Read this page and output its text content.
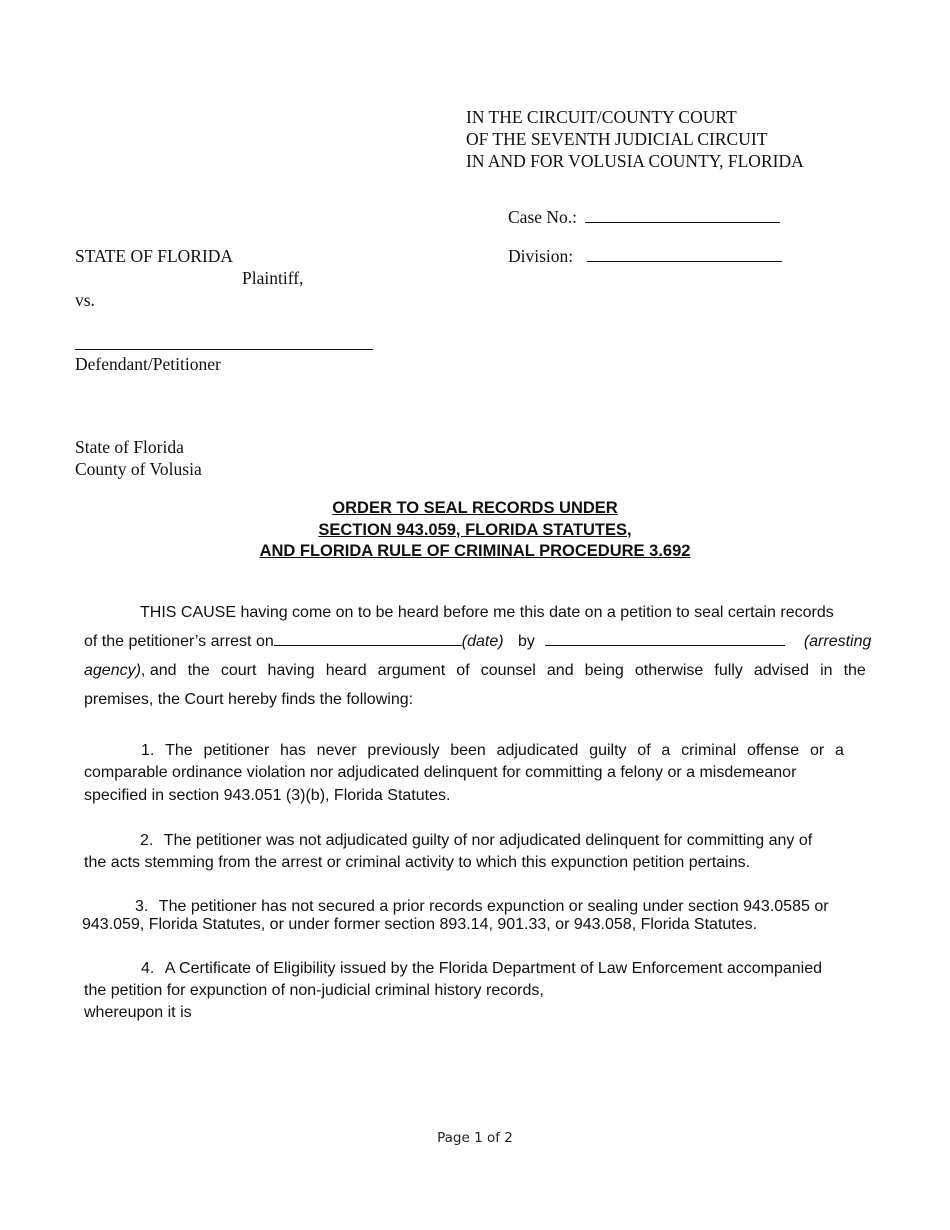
IN THE CIRCUIT/COUNTY COURT
OF THE SEVENTH JUDICIAL CIRCUIT
IN AND FOR VOLUSIA COUNTY, FLORIDA
Case No.:
Division:
STATE OF FLORIDA
Plaintiff,
vs.
Defendant/Petitioner
State of Florida
County of Volusia
ORDER TO SEAL RECORDS UNDER
SECTION 943.059, FLORIDA STATUTES,
AND FLORIDA RULE OF CRIMINAL PROCEDURE 3.692
THIS CAUSE having come on to be heard before me this date on a petition to seal certain records
of the petitioner’s arrest on	(date) by	(arresting
agency), and the court having heard argument of counsel and being otherwise fully advised in the
premises, the Court hereby finds the following:
1. The petitioner has never previously been adjudicated guilty of a criminal offense or a
comparable ordinance violation nor adjudicated delinquent for committing a felony or a misdemeanor
specified in section 943.051 (3)(b), Florida Statutes.
2. The petitioner was not adjudicated guilty of nor adjudicated delinquent for committing any of
the acts stemming from the arrest or criminal activity to which this expunction petition pertains.
3. The petitioner has not secured a prior records expunction or sealing under section 943.0585 or
943.059, Florida Statutes, or under former section 893.14, 901.33, or 943.058, Florida Statutes.
4. A Certificate of Eligibility issued by the Florida Department of Law Enforcement accompanied
the petition for expunction of non-judicial criminal history records,
whereupon it is
Page 1 of 2
